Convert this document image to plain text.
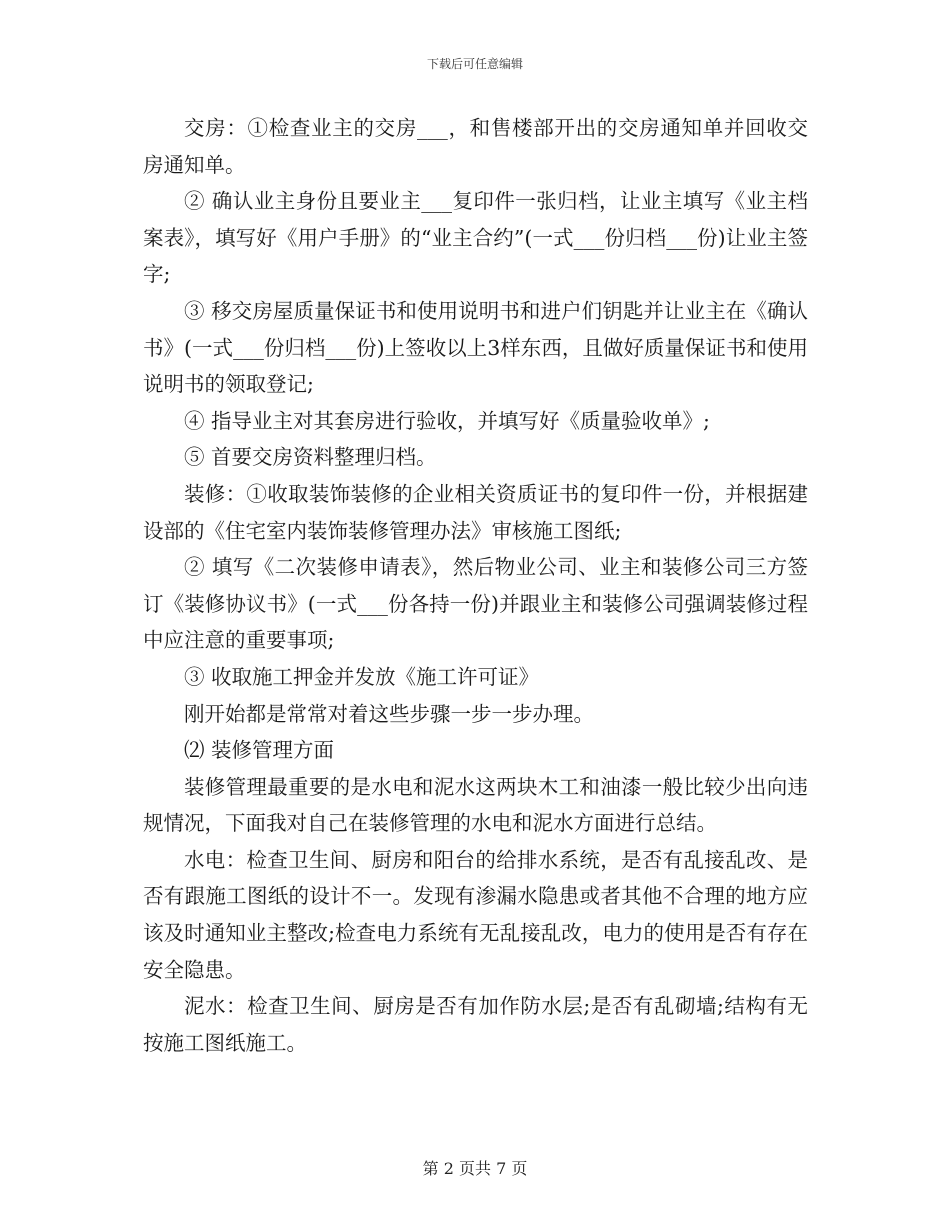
下载后可任意编辑

交房：①检查业主的交房___，和售楼部开出的交房通知单并回收交房通知单。

② 确认业主身份且要业主___复印件一张归档，让业主填写《业主档案表》，填写好《用户手册》的“业主合约”(一式___份归档___份)让业主签字;

③ 移交房屋质量保证书和使用说明书和进户们钥匙并让业主在《确认书》(一式___份归档___份)上签收以上3样东西，且做好质量保证书和使用说明书的领取登记;

④ 指导业主对其套房进行验收，并填写好《质量验收单》;

⑤ 首要交房资料整理归档。

装修：①收取装饰装修的企业相关资质证书的复印件一份，并根据建设部的《住宅室内装饰装修管理办法》审核施工图纸;

② 填写《二次装修申请表》，然后物业公司、业主和装修公司三方签订《装修协议书》(一式___份各持一份)并跟业主和装修公司强调装修过程中应注意的重要事项;

③ 收取施工押金并发放《施工许可证》

刚开始都是常常对着这些步骤一步一步办理。

⑵ 装修管理方面

装修管理最重要的是水电和泥水这两块木工和油漆一般比较少出向违规情况，下面我对自己在装修管理的水电和泥水方面进行总结。

水电：检查卫生间、厨房和阳台的给排水系统，是否有乱接乱改、是否有跟施工图纸的设计不一。发现有渗漏水隐患或者其他不合理的地方应该及时通知业主整改;检查电力系统有无乱接乱改，电力的使用是否有存在安全隐患。

泥水：检查卫生间、厨房是否有加作防水层;是否有乱砌墙;结构有无按施工图纸施工。

第 2 页共 7 页
